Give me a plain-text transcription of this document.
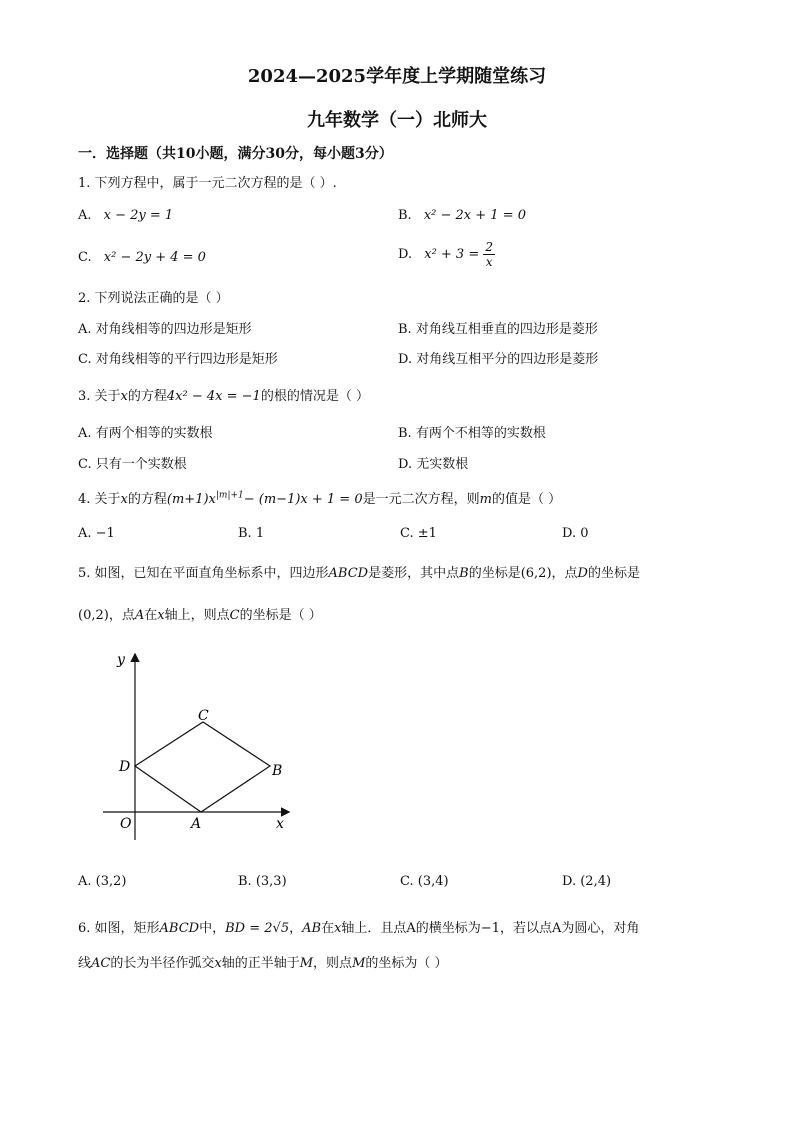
2024—2025学年度上学期随堂练习
九年数学（一）北师大
一．选择题（共10小题，满分30分，每小题3分）
1. 下列方程中，属于一元二次方程的是（ ）.
A. x − 2y = 1	B. x² − 2x + 1 = 0
C. x² − 2y + 4 = 0	D. $x^2 + 3 = \frac{2}{x}$
2. 下列说法正确的是（ ）
A. 对角线相等的四边形是矩形	B. 对角线互相垂直的四边形是菱形
C. 对角线相等的平行四边形是矩形	D. 对角线互相平分的四边形是菱形
3. 关于x的方程4x² − 4x = −1的根的情况是（ ）
A. 有两个相等的实数根	B. 有两个不相等的实数根
C. 只有一个实数根	D. 无实数根
4. 关于x的方程$(m+1)x^{|m|+1}- (m-1)x + 1 = 0$是一元二次方程，则m的值是（ ）
A. −1	B. 1	C. ±1	D. 0
5. 如图，已知在平面直角坐标系中，四边形ABCD是菱形，其中点B的坐标是(6,2)，点D的坐标是
(0,2)，点A在x轴上，则点C的坐标是（ ）
y
x
O	A
B
C
D
A. (3,2)	B. (3,3)	C. (3,4)	D. (2,4)
6. 如图，矩形ABCD中，BD = 2√5，AB在x轴上．且点A的横坐标为−1，若以点A为圆心，对角
线AC的长为半径作弧交x轴的正半轴于M，则点M的坐标为（ ）
